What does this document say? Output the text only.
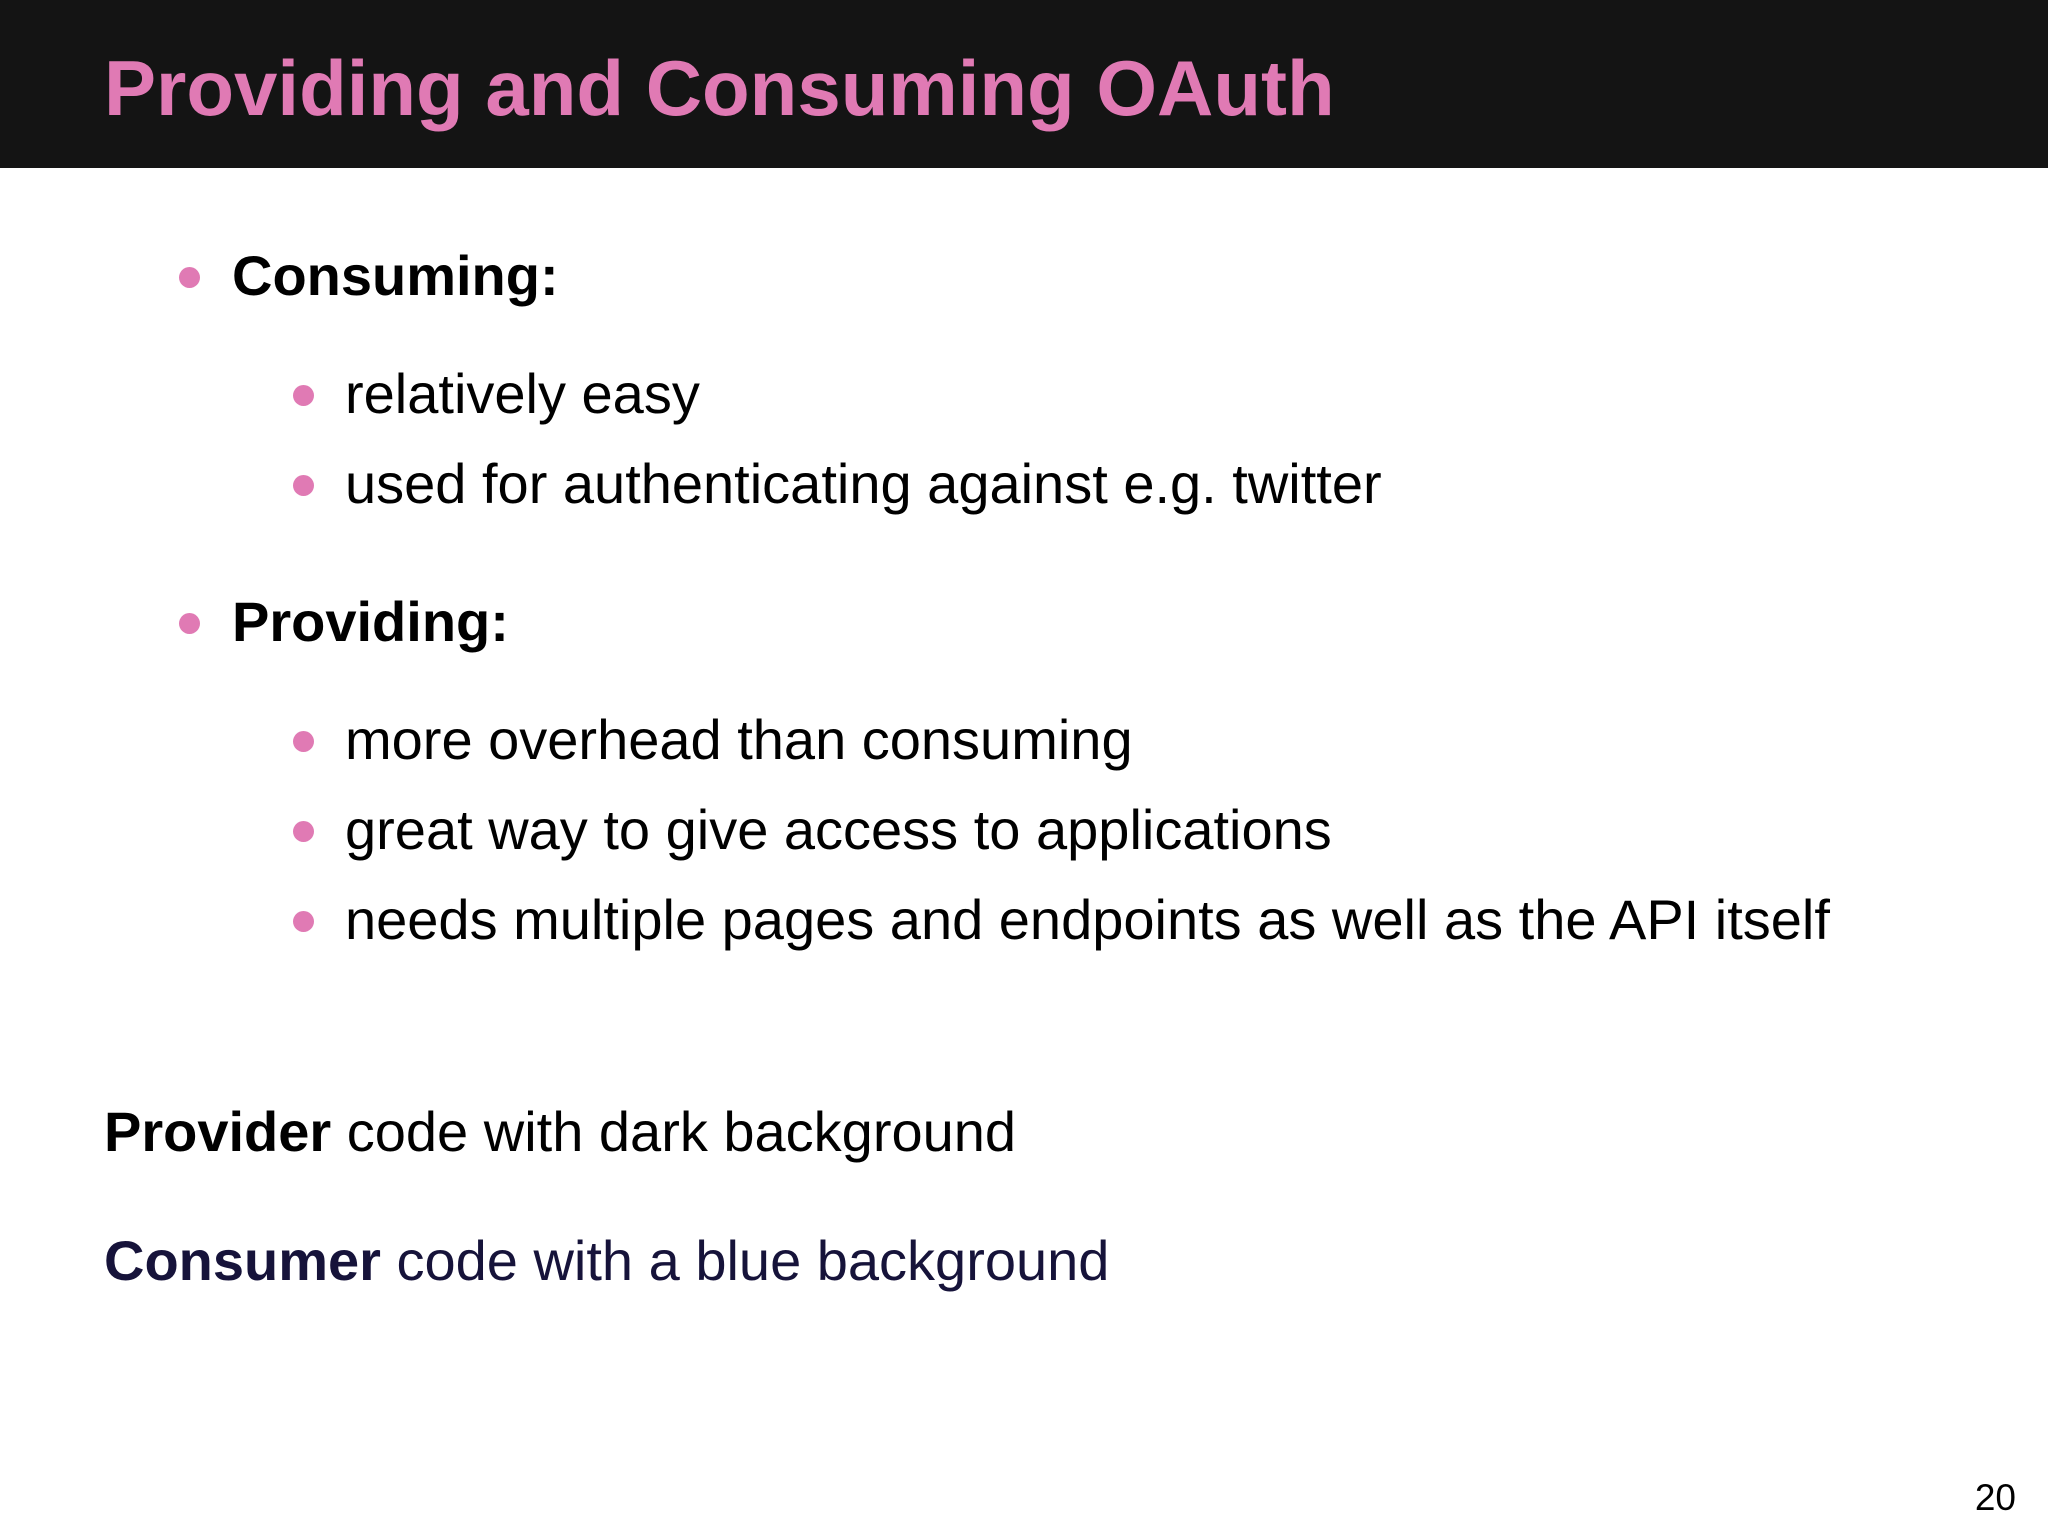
Providing and Consuming OAuth
Consuming:
relatively easy
used for authenticating against e.g. twitter
Providing:
more overhead than consuming
great way to give access to applications
needs multiple pages and endpoints as well as the API itself
Provider code with dark background
Consumer code with a blue background
20
